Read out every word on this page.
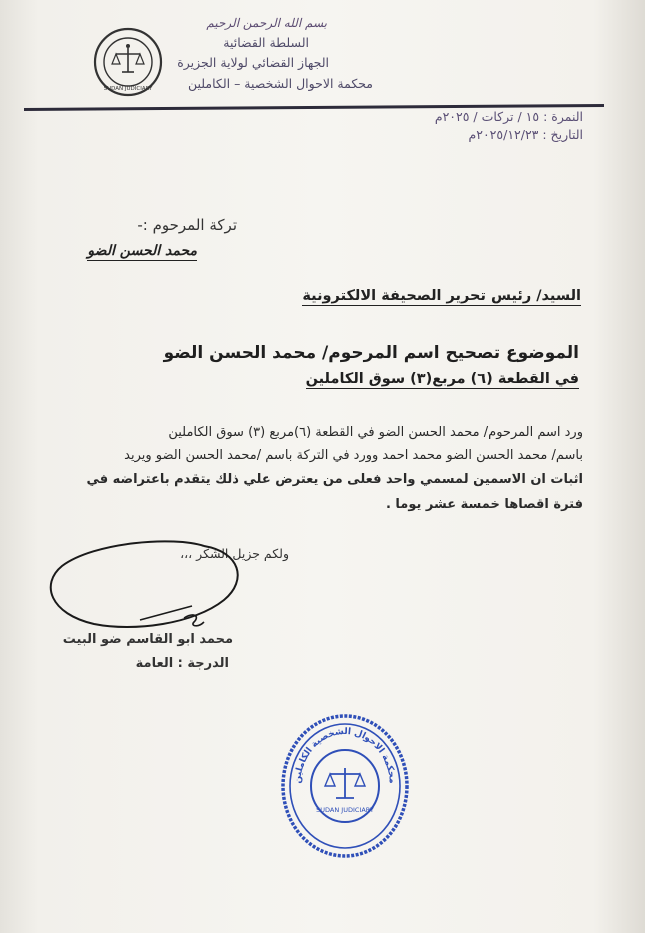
بسم الله الرحمن الرحيم
السلطة القضائية
الجهاز القضائي لولاية الجزيرة
محكمة الاحوال الشخصية – الكاملين
SUDAN JUDICIARY
النمرة : ١٥ / تركات / ٢٠٢٥م
التاريخ : ٢٠٢٥/١٢/٢٣م
تركة المرحوم :-
محمد الحسن الضو
السيد/ رئيس تحرير الصحيفة الالكترونية
الموضوع تصحيح اسم المرحوم/ محمد الحسن الضو
في القطعة (٦) مربع(٣) سوق الكاملين
ورد اسم المرحوم/ محمد الحسن الضو في القطعة (٦)مربع (٣) سوق الكاملين
باسم/ محمد الحسن الضو محمد احمد وورد في التركة باسم /محمد الحسن الضو ويريد
اثبات ان الاسمين لمسمي واحد فعلى من يعترض علي ذلك يتقدم باعتراضه في
فترة اقصاها خمسة عشر يوما .
ولكم جزيل الشكر ،،،
محمد ابو القاسم ضو البيت
الدرجة : العامة
محكمة الاحوال الشخصية الكاملين
SUDAN JUDICIARY
